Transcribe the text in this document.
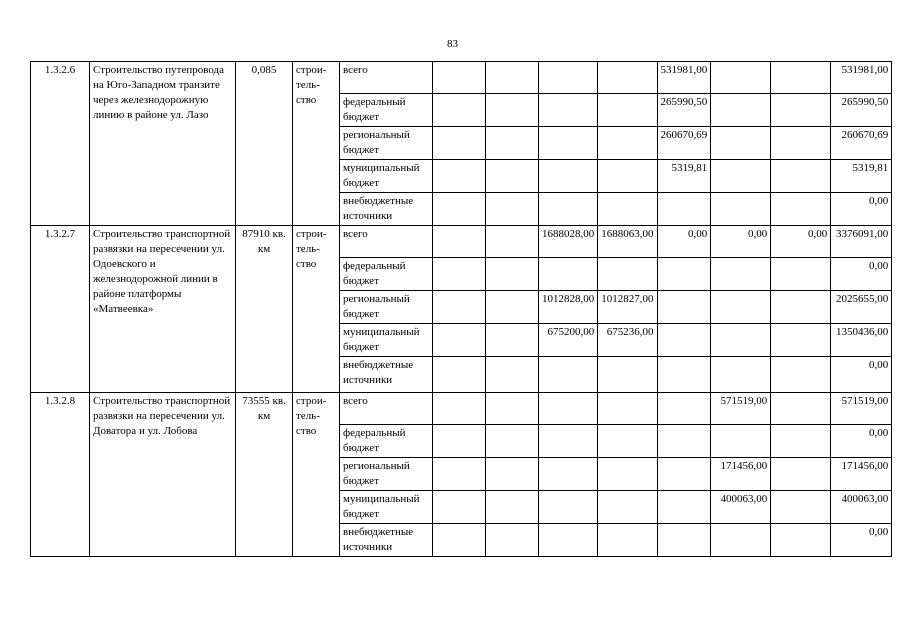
83
1.3.2.6	Строительство путепровода на Юго-Западном транзите через железнодорожную линию в районе ул. Лазо	0,085	строи-тель-ство	всего					531981,00			531981,00
				федеральный бюджет					265990,50			265990,50
				региональный бюджет					260670,69			260670,69
				муниципальный бюджет					5319,81			5319,81
				внебюджетные источники								0,00
1.3.2.7	Строительство транспортной развязки на пересечении ул. Одоевского и железнодорожной линии в районе платформы «Матвеевка»	87910 кв. км	строи-тель-ство	всего			1688028,00	1688063,00	0,00	0,00	0,00	3376091,00
				федеральный бюджет								0,00
				региональный бюджет			1012828,00	1012827,00				2025655,00
				муниципальный бюджет			675200,00	675236,00				1350436,00
				внебюджетные источники								0,00
1.3.2.8	Строительство транспортной развязки на пересечении ул. Доватора и ул. Лобова	73555 кв. км	строи-тель-ство	всего						571519,00		571519,00
				федеральный бюджет								0,00
				региональный бюджет						171456,00		171456,00
				муниципальный бюджет						400063,00		400063,00
				внебюджетные источники								0,00
